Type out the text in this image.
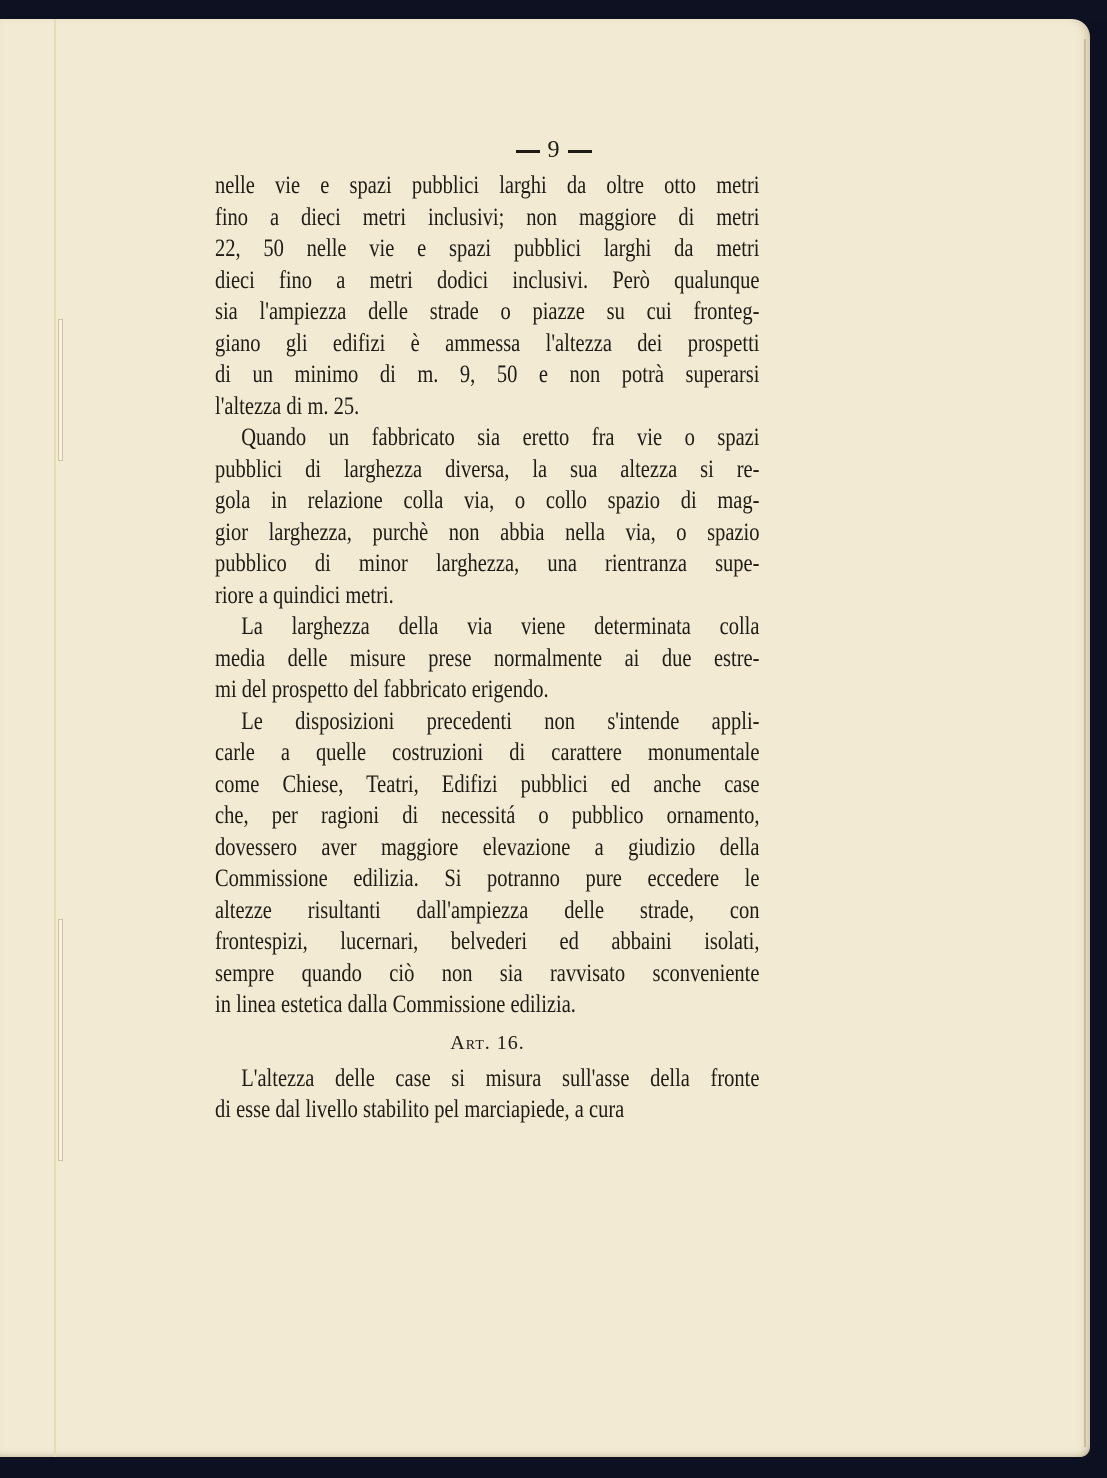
9
nelle vie e spazi pubblici larghi da oltre otto metri
fino a dieci metri inclusivi; non maggiore di metri
22, 50 nelle vie e spazi pubblici larghi da metri
dieci fino a metri dodici inclusivi. Però qualunque
sia l'ampiezza delle strade o piazze su cui fronteg-
giano gli edifizi è ammessa l'altezza dei prospetti
di un minimo di m. 9, 50 e non potrà superarsi
l'altezza di m. 25.
Quando un fabbricato sia eretto fra vie o spazi
pubblici di larghezza diversa, la sua altezza si re-
gola in relazione colla via, o collo spazio di mag-
gior larghezza, purchè non abbia nella via, o spazio
pubblico di minor larghezza, una rientranza supe-
riore a quindici metri.
La larghezza della via viene determinata colla
media delle misure prese normalmente ai due estre-
mi del prospetto del fabbricato erigendo.
Le disposizioni precedenti non s'intende appli-
carle a quelle costruzioni di carattere monumentale
come Chiese, Teatri, Edifizi pubblici ed anche case
che, per ragioni di necessitá o pubblico ornamento,
dovessero aver maggiore elevazione a giudizio della
Commissione edilizia. Si potranno pure eccedere le
altezze risultanti dall'ampiezza delle strade, con
frontespizi, lucernari, belvederi ed abbaini isolati,
sempre quando ciò non sia ravvisato sconveniente
in linea estetica dalla Commissione edilizia.
Art. 16.
L'altezza delle case si misura sull'asse della fronte
di esse dal livello stabilito pel marciapiede, a cura
